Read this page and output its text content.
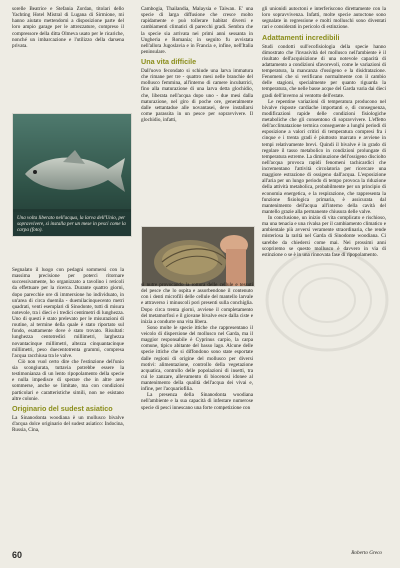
sorelle Beatrice e Stefania Zordan, titolari dello Yachting Hotel Mistral di Lugana di Sirmione, mi hanno aiutato mettendomi a disposizione parte del loro ampio garage per le attrezzature, compreso il compressore della ditta Olmeva usato per le ricariche, nonché un imbarcazione e l'utilizzo della darsena privata.

Una volta liberato nell'acqua, la larva dell'Unio, per sopravvivere, si installa per un mese in pesci come la carpa (foto).

Segnalato il luogo con pedagni sommersi con la massima precisione per poterci ritornare successivamente, ho organizzato a tavolino i reticoli da effettuare per la ricerca. Durante quattro giorni, dopo parecchie ore di immersione ho individuato, in un'area di circa duemila - duemilacinquecento metri quadrati, venti esemplari di Sinodonte, tutti di misura notevole, tra i dieci e i tredici centimetri di lunghezza. Uno di questi è stato prelevato per le misurazioni di routine, al termine della quale è stato riportato sul fondo, esattamente dove è stato trovato. Risultati: lunghezza centotredici millimetri, larghezza novantacinque millimetri, altezza cinquantacinque millimetri, peso duecentotrenta grammi, compresa l'acqua racchiusa tra le valve.

Ciò non vuol certo dire che l'estinzione dell'unio sia scongiurata, tuttavia potrebbe essere la testimonianza di un lento ripopolamento della specie e nulla impedisce di sperare che in altre aree sommerse, anche se limitate, ma con condizioni particolari e caratteristiche simili, non ne esistano altre colonie.

Originario del sudest asiatico

La Sinanodonta woodiana è un mollusco bivalve d'acqua dolce originario del sudest asiatico: Indocina, Russia, Cina,

Cambogia, Thailandia, Malaysia e Taiwan. E' una specie di larga diffusione che cresce molto rapidamente e può tollerare habitat diversi e cambiamenti climatici di parecchi gradi. Sembra che la specie sia arrivata nei primi anni sessanta in Ungheria e Romania; in seguito fu avvistata nell'allora Jugoslavia e in Francia e, infine, nell'Italia peninsulare.

Una vita difficile

Dall'uovo fecondato si schiude una larva immatura che rimane per tre - quattro mesi nelle branchie del mollusco femmina, all'interno di camere incubatrici, fino alla maturazione di una larva detta glochidio, che, liberata nell'acqua dopo uno - due mesi dalla maturazione, nel giro di poche ore, generalmente dalle settantadue alle novantasei, deve installarsi come parassita in un pesce per sopravvivere. Il glochidio, infatti,

si nutre provocando la rottura delle cellule e tessuti del pesce che lo ospita e assorbendone il contenuto con i denti microfili delle cellule del mantello larvale e attraverso i minuscoli pori presenti sulla conchiglia. Dopo circa trenta giorni, avviene il completamento del metamorfosi e il giovane bivalve esce dalla ciste e inizia a condurre una vita libera.

Sono molte le specie ittiche che rappresentano il veicolo di dispersione del mollusco nel Garda, ma il maggior responsabile è Cyprinus carpio, la carpa comune, tipico abitante del basso lago. Alcune delle specie ittiche che si diffondono sono state esportate dalle regioni di origine del mollusco per diversi motivi: alimentazione, controllo della vegetazione acquatica, controllo delle popolazioni di insetti, tra cui le zanzare, allevamento di biocenosi idonee al mantenimento della qualità dell'acqua dei vivai e, infine, per l'acquariofilia.

La presenza della Sinanodonta woodiana nell'ambiente e la sua capacità di infestare numerose specie di pesci innescano una forte competizione con

gli unionidi autoctoni e interferiscono direttamente con la loro sopravvivenza. Infatti, molte specie autoctone sono segnalate in regressione e molti molluschi sono diventati rari e considerati in pericolo di estinzione.

Adattamenti incredibili

Studi condotti sull'ecofisiologia della specie hanno dimostrato che l'invasività del mollusco nell'ambiente è il risultato dell'acquisizione di una notevole capacità di adattamento a condizioni sfavorevoli, come le variazioni di temperatura, la mancanza d'ossigeno e la disidratazione. Fenomeni che si verificano normalmente con il cambio delle stagioni, specialmente per quanto riguarda la temperatura, che nelle basse acque del Garda varia dai dieci gradi dell'inverno ai ventotto dell'estate.

Le repentine variazioni di temperatura producono nel bivalve risposte cardiache importanti e, di conseguenza, modificazioni rapide delle condizioni fisiologiche metaboliche che gli consentono di sopravvivere. L'effetto dell'acclimatazione termica conseguente a lunghi periodi di esposizione a valori critici di temperatura compresi fra i cinque e i trenta gradi è piuttosto marcato e avviene in tempi relativamente brevi. Quindi il bivalve è in grado di regolare il tasso metabolico in condizioni prolungate di temperatura estreme. La diminuzione dell'ossigeno disciolto nell'acqua provoca rapidi fenomeni tachicardici che incrementano l'attività circolatoria per ricercare una maggiore estrazione di ossigeno dall'acqua. L'esposizione all'aria per un lungo periodo di tempo provoca la riduzione della attività metabolica, probabilmente per un principio di economia energetica, e la respirazione, che rappresenta la funzione fisiologica primaria, è assicurata dal mantenimento dell'acqua all'interno della cavità del mantello grazie alla permanente chiusura delle valve.

In conclusione, un inizio di vita complicato e rischioso, ma una tenacia e una rivalsa per il cambiamento climatico e ambientale più avversi veramente straordinaria, che rende misteriosa la rarità nel Garda di Sinodonte woodiana. Ci sarebbe da chiedersi come mai. Nei prossimi anni scopriremo se questo mollusco è davvero in via di estinzione o se è in una rinnovata fase di ripopolamento.

60	Roberto Greco
